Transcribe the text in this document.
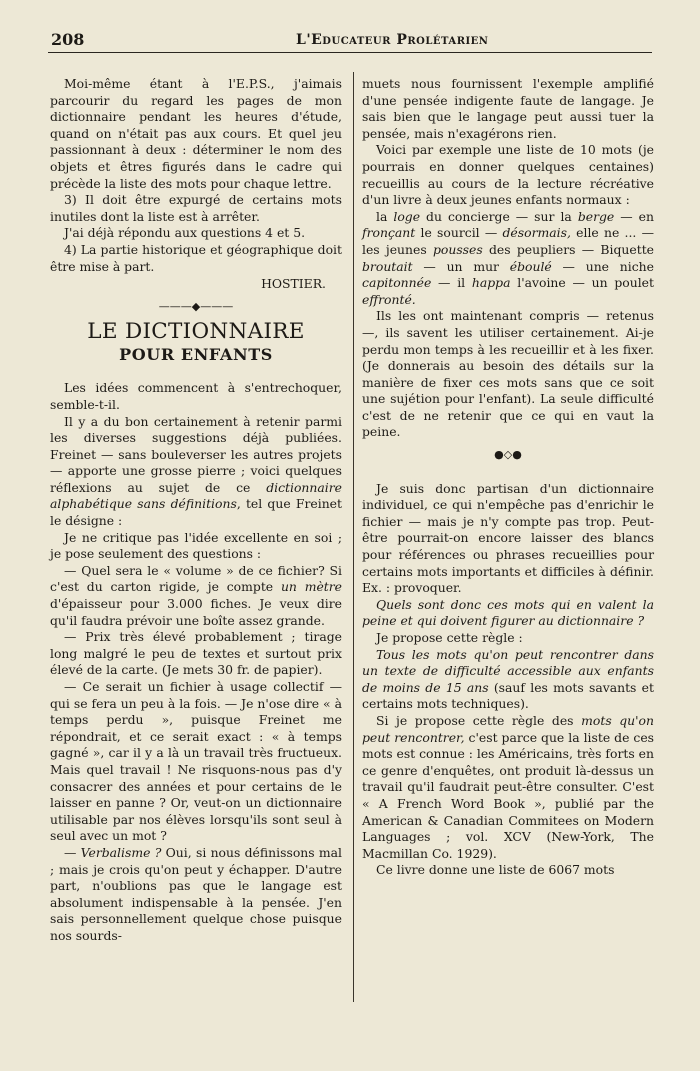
208	L'Educateur Prolétarien

Moi-même étant à l'E.P.S., j'aimais parcourir du regard les pages de mon dictionnaire pendant les heures d'étude, quand on n'était pas aux cours. Et quel jeu passionnant à deux : déterminer le nom des objets et êtres figurés dans le cadre qui précède la liste des mots pour chaque lettre.

3) Il doit être expurgé de certains mots inutiles dont la liste est à arrêter.

J'ai déjà répondu aux questions 4 et 5.

4) La partie historique et géographique doit être mise à part.

HOSTIER.

———◆———
LE DICTIONNAIRE
POUR ENFANTS

Les idées commencent à s'entrechoquer, semble-t-il.

Il y a du bon certainement à retenir parmi les diverses suggestions déjà publiées. Freinet — sans bouleverser les autres projets — apporte une grosse pierre ; voici quelques réflexions au sujet de ce dictionnaire alphabétique sans définitions, tel que Freinet le désigne :

Je ne critique pas l'idée excellente en soi ; je pose seulement des questions :

— Quel sera le « volume » de ce fichier? Si c'est du carton rigide, je compte un mètre d'épaisseur pour 3.000 fiches. Je veux dire qu'il faudra prévoir une boîte assez grande.

— Prix très élevé probablement ; tirage long malgré le peu de textes et surtout prix élevé de la carte. (Je mets 30 fr. de papier).

— Ce serait un fichier à usage collectif — qui se fera un peu à la fois. — Je n'ose dire « à temps perdu », puisque Freinet me répondrait, et ce serait exact : « à temps gagné », car il y a là un travail très fructueux. Mais quel travail ! Ne risquons-nous pas d'y consacrer des années et pour certains de le laisser en panne ? Or, veut-on un dictionnaire utilisable par nos élèves lorsqu'ils sont seul à seul avec un mot ?

— Verbalisme ? Oui, si nous définissons mal ; mais je crois qu'on peut y échapper. D'autre part, n'oublions pas que le langage est absolument indispensable à la pensée. J'en sais personnellement quelque chose puisque nos sourds-

muets nous fournissent l'exemple amplifié d'une pensée indigente faute de langage. Je sais bien que le langage peut aussi tuer la pensée, mais n'exagérons rien.

Voici par exemple une liste de 10 mots (je pourrais en donner quelques centaines) recueillis au cours de la lecture récréative d'un livre à deux jeunes enfants normaux :

la loge du concierge — sur la berge — en fronçant le sourcil — désormais, elle ne ... — les jeunes pousses des peupliers — Biquette broutait — un mur éboulé — une niche capitonnée — il happa l'avoine — un poulet effronté.

Ils les ont maintenant compris — retenus —, ils savent les utiliser certainement. Ai-je perdu mon temps à les recueillir et à les fixer. (Je donnerais au besoin des détails sur la manière de fixer ces mots sans que ce soit une sujétion pour l'enfant). La seule difficulté c'est de ne retenir que ce qui en vaut la peine.

●◇●

Je suis donc partisan d'un dictionnaire individuel, ce qui n'empêche pas d'enrichir le fichier — mais je n'y compte pas trop. Peut-être pourrait-on encore laisser des blancs pour références ou phrases recueillies pour certains mots importants et difficiles à définir. Ex. : provoquer.

Quels sont donc ces mots qui en valent la peine et qui doivent figurer au dictionnaire ?

Je propose cette règle :

Tous les mots qu'on peut rencontrer dans un texte de difficulté accessible aux enfants de moins de 15 ans (sauf les mots savants et certains mots techniques).

Si je propose cette règle des mots qu'on peut rencontrer, c'est parce que la liste de ces mots est connue : les Américains, très forts en ce genre d'enquêtes, ont produit là-dessus un travail qu'il faudrait peut-être consulter. C'est « A French Word Book », publié par the American & Canadian Commitees on Modern Languages ; vol. XCV (New-York, The Macmillan Co. 1929).

Ce livre donne une liste de 6067 mots
